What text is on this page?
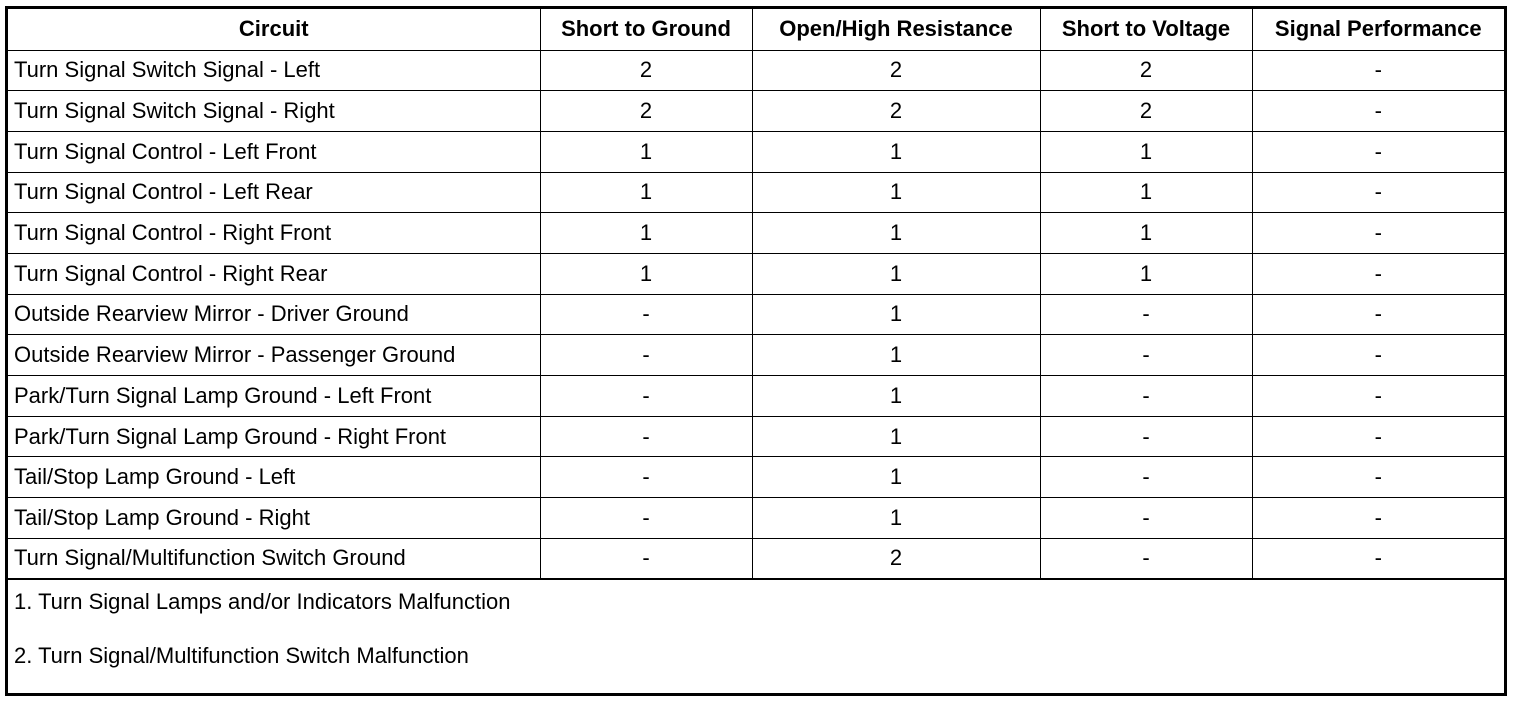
Circuit	Short to Ground	Open/High Resistance	Short to Voltage	Signal Performance
Turn Signal Switch Signal - Left	2	2	2	-
Turn Signal Switch Signal - Right	2	2	2	-
Turn Signal Control - Left Front	1	1	1	-
Turn Signal Control - Left Rear	1	1	1	-
Turn Signal Control - Right Front	1	1	1	-
Turn Signal Control - Right Rear	1	1	1	-
Outside Rearview Mirror - Driver Ground	-	1	-	-
Outside Rearview Mirror - Passenger Ground	-	1	-	-
Park/Turn Signal Lamp Ground - Left Front	-	1	-	-
Park/Turn Signal Lamp Ground - Right Front	-	1	-	-
Tail/Stop Lamp Ground - Left	-	1	-	-
Tail/Stop Lamp Ground - Right	-	1	-	-
Turn Signal/Multifunction Switch Ground	-	2	-	-
1. Turn Signal Lamps and/or Indicators Malfunction
2. Turn Signal/Multifunction Switch Malfunction
